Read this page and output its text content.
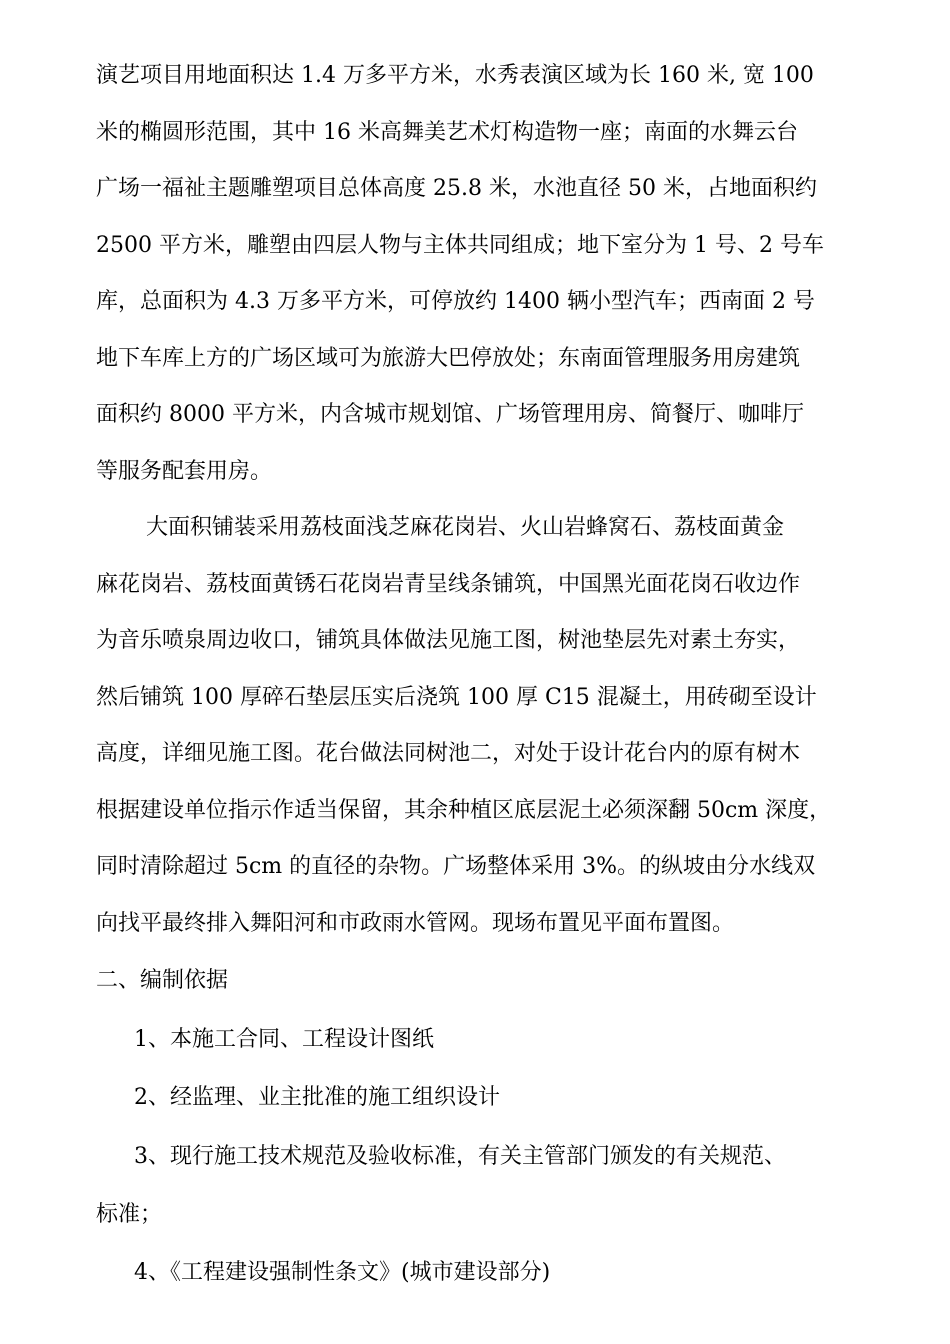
演艺项目用地面积达 1.4 万多平方米，水秀表演区域为长 160 米, 宽 100
米的椭圆形范围，其中 16 米高舞美艺术灯构造物一座；南面的水舞云台
广场一福祉主题雕塑项目总体高度 25.8 米，水池直径 50 米，占地面积约
2500 平方米，雕塑由四层人物与主体共同组成；地下室分为 1 号、2 号车
库，总面积为 4.3 万多平方米，可停放约 1400 辆小型汽车；西南面 2 号
地下车库上方的广场区域可为旅游大巴停放处；东南面管理服务用房建筑
面积约 8000 平方米，内含城市规划馆、广场管理用房、简餐厅、咖啡厅
等服务配套用房。
大面积铺装采用荔枝面浅芝麻花岗岩、火山岩蜂窝石、荔枝面黄金
麻花岗岩、荔枝面黄锈石花岗岩青呈线条铺筑，中国黑光面花岗石收边作
为音乐喷泉周边收口，铺筑具体做法见施工图，树池垫层先对素土夯实，
然后铺筑 100 厚碎石垫层压实后浇筑 100 厚 C15 混凝土，用砖砌至设计
高度，详细见施工图。花台做法同树池二，对处于设计花台内的原有树木
根据建设单位指示作适当保留，其余种植区底层泥土必须深翻 50cm 深度，
同时清除超过 5cm 的直径的杂物。广场整体采用 3%。的纵坡由分水线双
向找平最终排入舞阳河和市政雨水管网。现场布置见平面布置图。
二、编制依据
1、本施工合同、工程设计图纸
2、经监理、业主批准的施工组织设计
3、现行施工技术规范及验收标准，有关主管部门颁发的有关规范、
标准；
4、《工程建设强制性条文》(城市建设部分)
